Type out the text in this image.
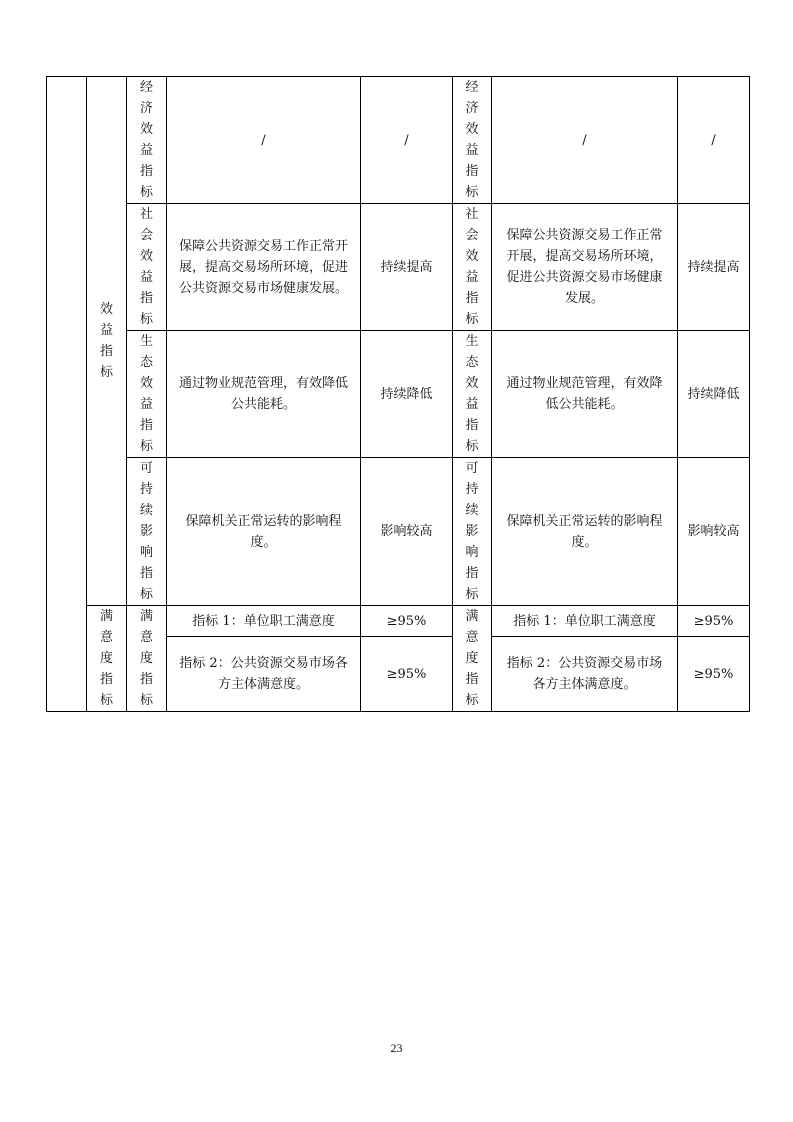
	效益指标	经济效益指标	/	/	经济效益指标	/	/
		社会效益指标	保障公共资源交易工作正常开展，提高交易场所环境，促进公共资源交易市场健康发展。	持续提高	社会效益指标	保障公共资源交易工作正常开展，提高交易场所环境，促进公共资源交易市场健康发展。	持续提高
		生态效益指标	通过物业规范管理，有效降低公共能耗。	持续降低	生态效益指标	通过物业规范管理，有效降低公共能耗。	持续降低
		可持续影响指标	保障机关正常运转的影响程度。	影响较高	可持续影响指标	保障机关正常运转的影响程度。	影响较高
	满意度指标	满意度指标	指标 1：单位职工满意度	≥95%	满意度指标	指标 1：单位职工满意度	≥95%

			指标 2：公共资源交易市场各方主体满意度。	≥95%		指标 2：公共资源交易市场各方主体满意度。	≥95%
23
